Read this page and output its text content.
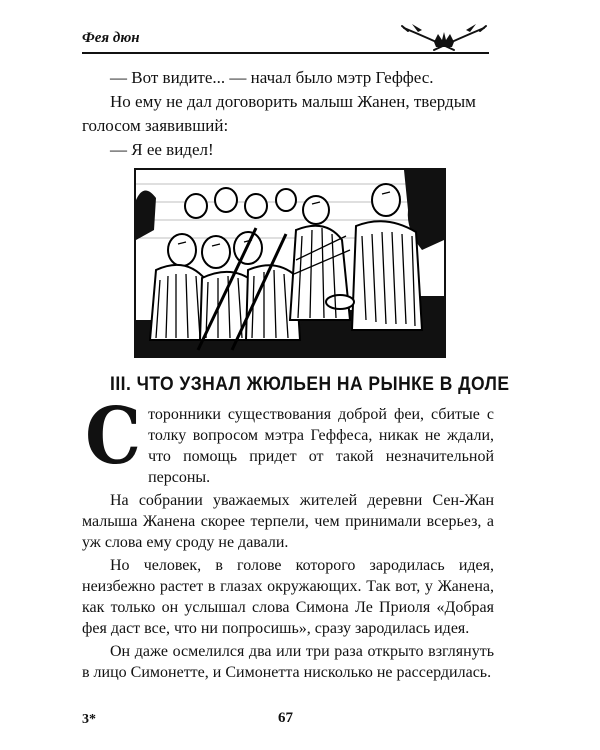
Фея дюн

— Вот видите... — начал было мэтр Геффес.

Но ему не дал договорить малыш Жанен, твердым голосом заявивший:

— Я ее видел!

III. ЧТО УЗНАЛ ЖЮЛЬЕН НА РЫНКЕ В ДОЛЕ

Сторонники существования доброй феи, сбитые с толку вопросом мэтра Геффеса, никак не ждали, что помощь придет от такой незначительной персоны.

На собрании уважаемых жителей деревни Сен-Жан малыша Жанена скорее терпели, чем принимали всерьез, а уж слова ему сроду не давали.

Но человек, в голове которого зародилась идея, неизбежно растет в глазах окружающих. Так вот, у Жанена, как только он услышал слова Симона Ле Приоля «Добрая фея даст все, что ни попросишь», сразу зародилась идея.

Он даже осмелился два или три раза открыто взглянуть в лицо Симонетте, и Симонетта нисколько не рассердилась.

3*	67
